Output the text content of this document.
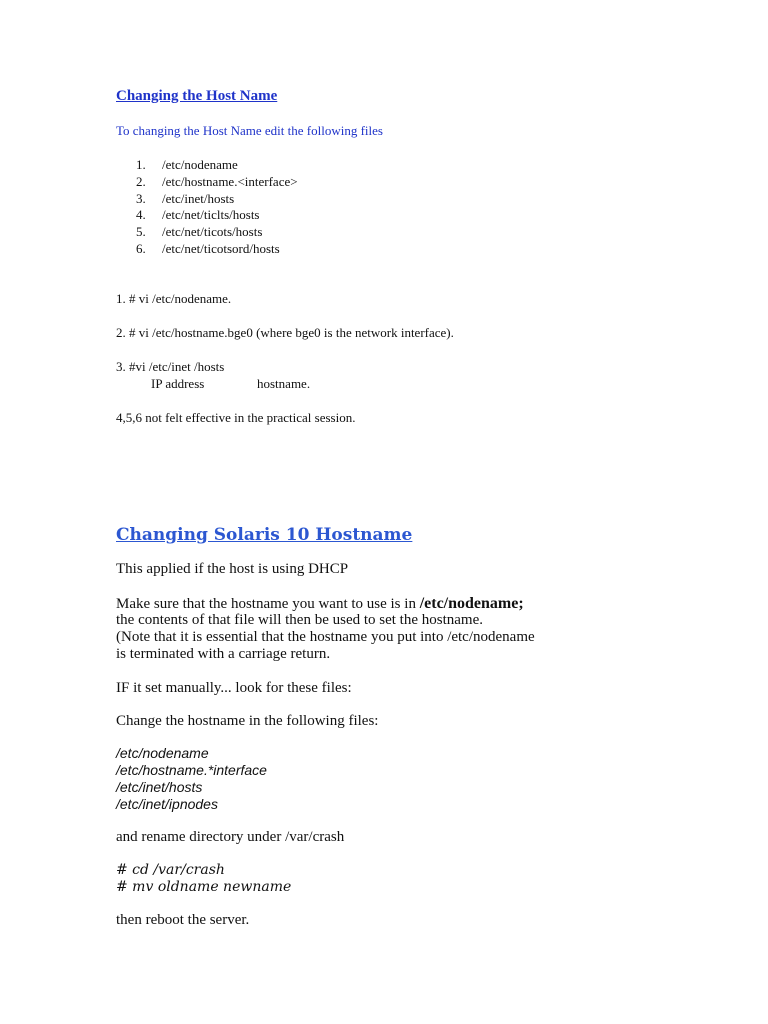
Changing the Host Name
To changing the Host Name edit the following files
1.	/etc/nodename
2.	/etc/hostname.<interface>
3.	/etc/inet/hosts
4.	/etc/net/ticlts/hosts
5.	/etc/net/ticots/hosts
6.	/etc/net/ticotsord/hosts
1. # vi /etc/nodename.
2. # vi /etc/hostname.bge0 (where bge0 is the network interface).
3. #vi /etc/inet /hosts
IP address	hostname.
4,5,6 not felt effective in the practical session.
Changing Solaris 10 Hostname
This applied if the host is using DHCP
Make sure that the hostname you want to use is in /etc/nodename;
the contents of that file will then be used to set the hostname.
(Note that it is essential that the hostname you put into /etc/nodename
is terminated with a carriage return.
IF it set manually... look for these files:
Change the hostname in the following files:
/etc/nodename
/etc/hostname.*interface
/etc/inet/hosts
/etc/inet/ipnodes
and rename directory under /var/crash
# cd /var/crash
# mv oldname newname
then reboot the server.
